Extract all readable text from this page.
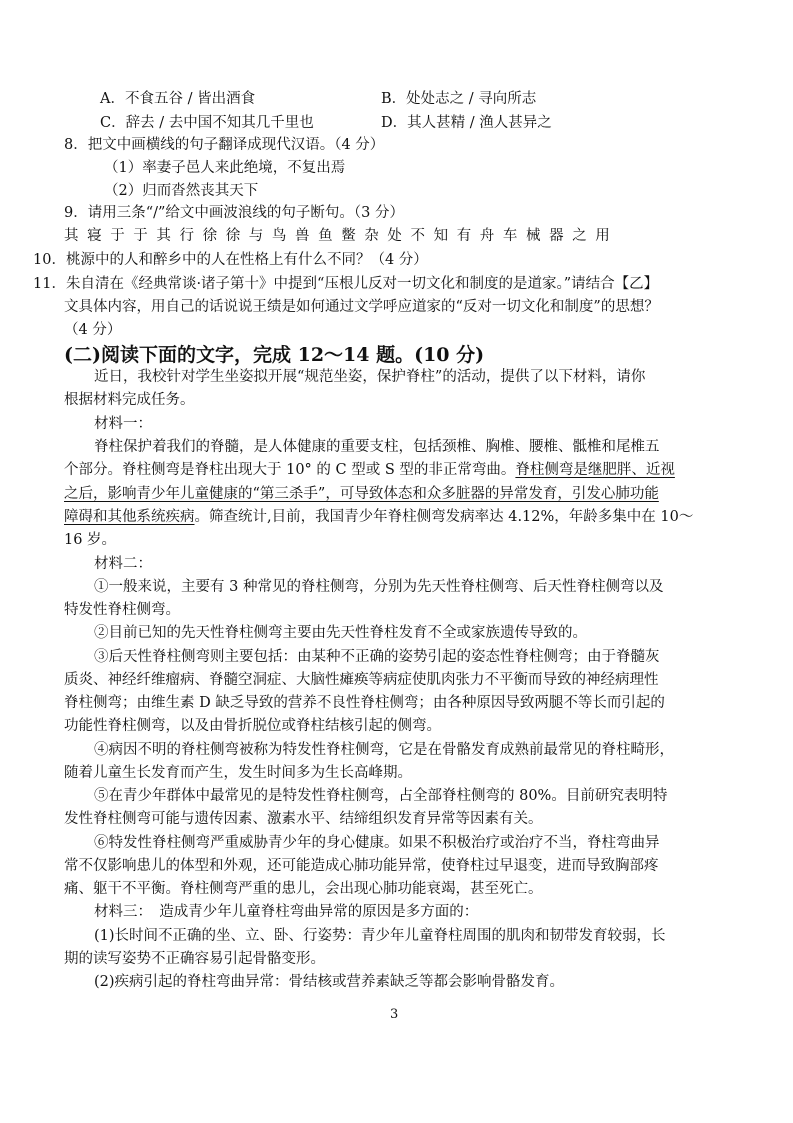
A．不食五谷 / 皆出酒食	B．处处志之 / 寻向所志
C．辞去 / 去中国不知其几千里也	D．其人甚精 / 渔人甚异之
8．把文中画横线的句子翻译成现代汉语。（4 分）
（1）率妻子邑人来此绝境，不复出焉
（2）归而沓然丧其天下
9．请用三条“/”给文中画波浪线的句子断句。（3 分）
其寝于于其行徐徐与鸟兽鱼鳖杂处不知有舟车械器之用
10．桃源中的人和醉乡中的人在性格上有什么不同？（4 分）
11．朱自清在《经典常谈·诸子第十》中提到“压根儿反对一切文化和制度的是道家。”请结合【乙】
文具体内容，用自己的话说说王绩是如何通过文学呼应道家的“反对一切文化和制度”的思想？
（4 分）
(二)阅读下面的文字，完成 12～14 题。(10 分)
近日，我校针对学生坐姿拟开展“规范坐姿，保护脊柱”的活动，提供了以下材料，请你
根据材料完成任务。
材料一：
脊柱保护着我们的脊髓，是人体健康的重要支柱，包括颈椎、胸椎、腰椎、骶椎和尾椎五
个部分。脊柱侧弯是脊柱出现大于 10° 的 C 型或 S 型的非正常弯曲。脊柱侧弯是继肥胖、近视
之后，影响青少年儿童健康的“第三杀手”，可导致体态和众多脏器的异常发育，引发心肺功能
障碍和其他系统疾病。筛查统计,目前，我国青少年脊柱侧弯发病率达 4.12%，年龄多集中在 10～
16 岁。
材料二：
①一般来说，主要有 3 种常见的脊柱侧弯，分别为先天性脊柱侧弯、后天性脊柱侧弯以及
特发性脊柱侧弯。
②目前已知的先天性脊柱侧弯主要由先天性脊柱发育不全或家族遗传导致的。
③后天性脊柱侧弯则主要包括：由某种不正确的姿势引起的姿态性脊柱侧弯；由于脊髓灰
质炎、神经纤维瘤病、脊髓空洞症、大脑性瘫痪等病症使肌肉张力不平衡而导致的神经病理性
脊柱侧弯；由维生素 D 缺乏导致的营养不良性脊柱侧弯；由各种原因导致两腿不等长而引起的
功能性脊柱侧弯，以及由骨折脱位或脊柱结核引起的侧弯。
④病因不明的脊柱侧弯被称为特发性脊柱侧弯，它是在骨骼发育成熟前最常见的脊柱畸形，
随着儿童生长发育而产生，发生时间多为生长高峰期。
⑤在青少年群体中最常见的是特发性脊柱侧弯，占全部脊柱侧弯的 80%。目前研究表明特
发性脊柱侧弯可能与遗传因素、激素水平、结缔组织发育异常等因素有关。
⑥特发性脊柱侧弯严重威胁青少年的身心健康。如果不积极治疗或治疗不当，脊柱弯曲异
常不仅影响患儿的体型和外观，还可能造成心肺功能异常，使脊柱过早退变，进而导致胸部疼
痛、躯干不平衡。脊柱侧弯严重的患儿，会出现心肺功能衰竭，甚至死亡。
材料三：　造成青少年儿童脊柱弯曲异常的原因是多方面的：
(1)长时间不正确的坐、立、卧、行姿势：青少年儿童脊柱周围的肌肉和韧带发育较弱，长
期的读写姿势不正确容易引起骨骼变形。
(2)疾病引起的脊柱弯曲异常：骨结核或营养素缺乏等都会影响骨骼发育。
3
